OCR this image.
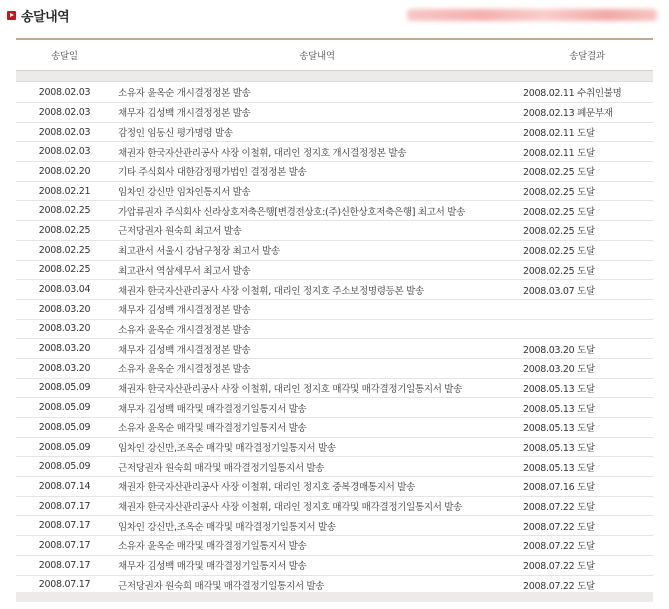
송달내역
송달일	송달내역	송달결과

2008.02.03	소유자 윤옥순 개시결정정본 발송	2008.02.11 수취인불명
2008.02.03	채무자 김성백 개시결정정본 발송	2008.02.13 폐문부재
2008.02.03	감정인 임동신 평가명령 발송	2008.02.11 도달
2008.02.03	채권자 한국자산관리공사 사장 이철휘, 대리인 정지호 개시결정정본 발송	2008.02.11 도달
2008.02.20	기타 주식회사 대한감정평가법인 결정정본 발송	2008.02.25 도달
2008.02.21	임차인 강신만 임차인통지서 발송	2008.02.25 도달
2008.02.25	가압류권자 주식회사 신라상호저축은행[변경전상호:(주)신한상호저축은행] 최고서 발송	2008.02.25 도달
2008.02.25	근저당권자 원숙희 최고서 발송	2008.02.25 도달
2008.02.25	최고관서 서울시 강남구청장 최고서 발송	2008.02.25 도달
2008.02.25	최고관서 역삼세무서 최고서 발송	2008.02.25 도달
2008.03.04	채권자 한국자산관리공사 사장 이철휘, 대리인 정지호 주소보정명령등본 발송	2008.03.07 도달
2008.03.20	채무자 김성백 개시결정정본 발송	
2008.03.20	소유자 윤옥순 개시결정정본 발송	
2008.03.20	채무자 김성백 개시결정정본 발송	2008.03.20 도달
2008.03.20	소유자 윤옥순 개시결정정본 발송	2008.03.20 도달
2008.05.09	채권자 한국자산관리공사 사장 이철휘, 대리인 정지호 매각및 매각결정기일통지서 발송	2008.05.13 도달
2008.05.09	채무자 김성백 매각및 매각결정기일통지서 발송	2008.05.13 도달
2008.05.09	소유자 윤옥순 매각및 매각결정기일통지서 발송	2008.05.13 도달
2008.05.09	임차인 강신만,조옥순 매각및 매각결정기일통지서 발송	2008.05.13 도달
2008.05.09	근저당권자 원숙희 매각및 매각결정기일통지서 발송	2008.05.13 도달
2008.07.14	채권자 한국자산관리공사 사장 이철휘, 대리인 정지호 중복경매통지서 발송	2008.07.16 도달
2008.07.17	채권자 한국자산관리공사 사장 이철휘, 대리인 정지호 매각및 매각결정기일통지서 발송	2008.07.22 도달
2008.07.17	임차인 강신만,조옥순 매각및 매각결정기일통지서 발송	2008.07.22 도달
2008.07.17	소유자 윤옥순 매각및 매각결정기일통지서 발송	2008.07.22 도달
2008.07.17	채무자 김성백 매각및 매각결정기일통지서 발송	2008.07.22 도달
2008.07.17	근저당권자 원숙희 매각및 매각결정기일통지서 발송	2008.07.22 도달
